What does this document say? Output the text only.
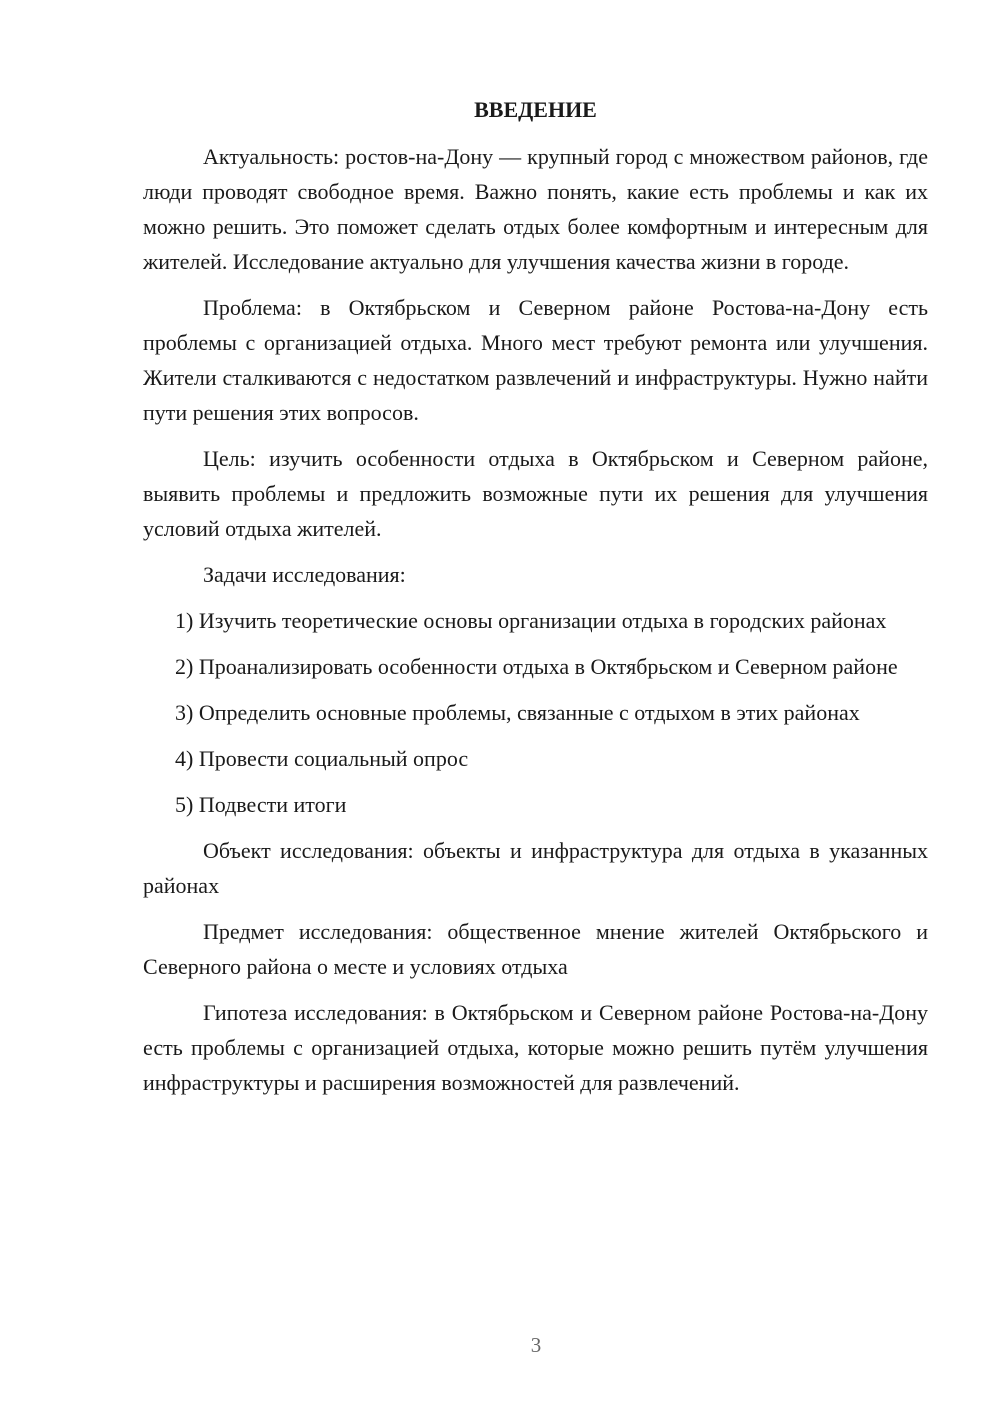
ВВЕДЕНИЕ

Актуальность: ростов-на-Дону — крупный город с множеством районов, где люди проводят свободное время. Важно понять, какие есть проблемы и как их можно решить. Это поможет сделать отдых более комфортным и интересным для жителей. Исследование актуально для улучшения качества жизни в городе.

Проблема: в Октябрьском и Северном районе Ростова-на-Дону есть проблемы с организацией отдыха. Много мест требуют ремонта или улучшения. Жители сталкиваются с недостатком развлечений и инфраструктуры. Нужно найти пути решения этих вопросов.

Цель: изучить особенности отдыха в Октябрьском и Северном районе, выявить проблемы и предложить возможные пути их решения для улучшения условий отдыха жителей.

Задачи исследования:

1) Изучить теоретические основы организации отдыха в городских районах

2) Проанализировать особенности отдыха в Октябрьском и Северном районе

3) Определить основные проблемы, связанные с отдыхом в этих районах

4) Провести социальный опрос

5) Подвести итоги

Объект исследования: объекты и инфраструктура для отдыха в указанных районах

Предмет исследования: общественное мнение жителей Октябрьского и Северного района о месте и условиях отдыха

Гипотеза исследования: в Октябрьском и Северном районе Ростова-на-Дону есть проблемы с организацией отдыха, которые можно решить путём улучшения инфраструктуры и расширения возможностей для развлечений.

3
